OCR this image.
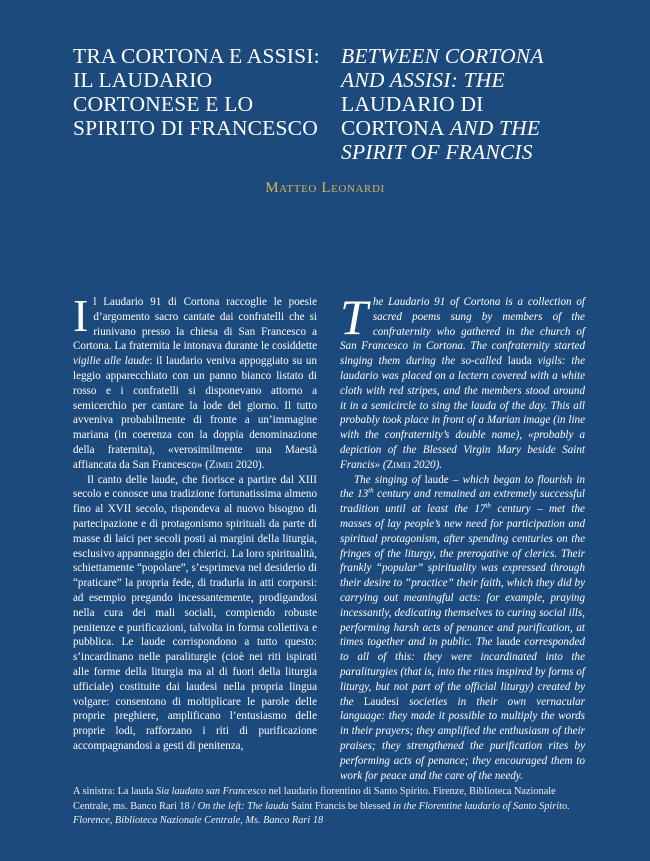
TRA CORTONA E ASSISI: IL LAUDARIO CORTONESE E LO SPIRITO DI FRANCESCO
BETWEEN CORTONA AND ASSISI: THE LAUDARIO DI CORTONA AND THE SPIRIT OF FRANCIS

Matteo Leonardi

Il Laudario 91 di Cortona raccoglie le poesie d’argomento sacro cantate dai confratelli che si riunivano presso la chiesa di San Francesco a Cortona. La fraternita le intonava durante le cosiddette vigilie alle laude: il laudario veniva appoggiato su un leggio apparecchiato con un panno bianco listato di rosso e i confratelli si disponevano attorno a semicerchio per cantare la lode del giorno. Il tutto avveniva probabilmente di fronte a un’immagine mariana (in coerenza con la doppia denominazione della fraternita), «verosimilmente una Maestà affiancata da San Francesco» (Zimei 2020).

Il canto delle laude, che fiorisce a partire dal XIII secolo e conosce una tradizione fortunatissima almeno fino al XVII secolo, rispondeva al nuovo bisogno di partecipazione e di protagonismo spirituali da parte di masse di laici per secoli posti ai margini della liturgia, esclusivo appannaggio dei chierici. La loro spiritualità, schiettamente “popolare”, s’esprimeva nel desiderio di “praticare” la propria fede, di tradurla in atti corporsi: ad esempio pregando incessantemente, prodigandosi nella cura dei mali sociali, compiendo robuste penitenze e purificazioni, talvolta in forma collettiva e pubblica. Le laude corrispondono a tutto questo: s’incardinano nelle paraliturgie (cioè nei riti ispirati alle forme della liturgia ma al di fuori della liturgia ufficiale) costituite dai laudesi nella propria lingua volgare: consentono di moltiplicare le parole delle proprie preghiere, amplificano l’entusiasmo delle proprie lodi, rafforzano i riti di purificazione accompagnandosi a gesti di penitenza,

The Laudario 91 of Cortona is a collection of sacred poems sung by members of the confraternity who gathered in the church of San Francesco in Cortona. The confraternity started singing them during the so-called lauda vigils: the laudario was placed on a lectern covered with a white cloth with red stripes, and the members stood around it in a semicircle to sing the lauda of the day. This all probably took place in front of a Marian image (in line with the confraternity’s double name), «probably a depiction of the Blessed Virgin Mary beside Saint Francis» (Zimei 2020).

The singing of laude – which began to flourish in the 13th century and remained an extremely successful tradition until at least the 17th century – met the masses of lay people’s new need for participation and spiritual protagonism, after spending centuries on the fringes of the liturgy, the prerogative of clerics. Their frankly “popular” spirituality was expressed through their desire to “practice” their faith, which they did by carrying out meaningful acts: for example, praying incessantly, dedicating themselves to curing social ills, performing harsh acts of penance and purification, at times together and in public. The laude corresponded to all of this: they were incardinated into the paraliturgies (that is, into the rites inspired by forms of liturgy, but not part of the official liturgy) created by the Laudesi societies in their own vernacular language: they made it possible to multiply the words in their prayers; they amplified the enthusiasm of their praises; they strengthened the purification rites by performing acts of penance; they encouraged them to work for peace and the care of the needy.

A sinistra: La lauda Sia laudato san Francesco nel laudario fiorentino di Santo Spirito. Firenze, Biblioteca Nazionale Centrale, ms. Banco Rari 18 / On the left: The lauda Saint Francis be blessed in the Florentine laudario of Santo Spirito. Florence, Biblioteca Nazionale Centrale, Ms. Banco Rari 18
